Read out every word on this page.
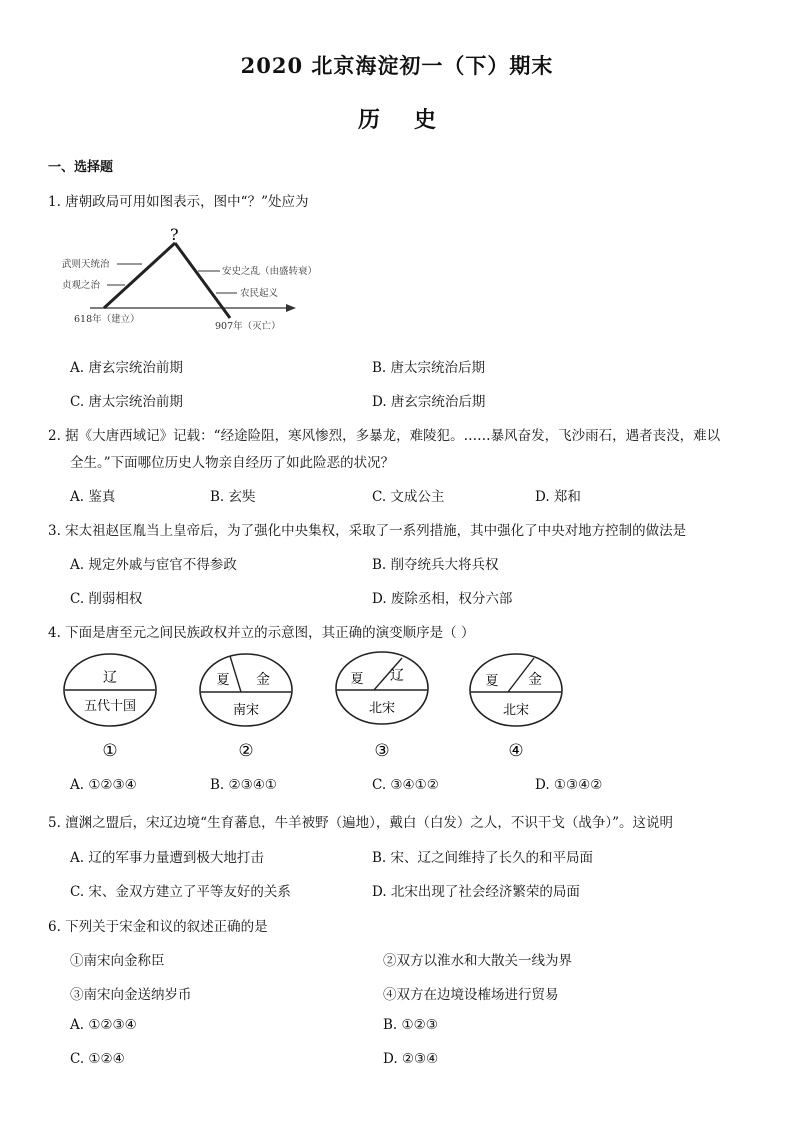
2020 北京海淀初一（下）期末
历史
一、选择题
1. 唐朝政局可用如图表示，图中“？”处应为
?
武则天统治
贞观之治
安史之乱（由盛转衰）
农民起义
618年（建立）
907年（灭亡）
A. 唐玄宗统治前期	B. 唐太宗统治后期
C. 唐太宗统治前期	D. 唐玄宗统治后期
2. 据《大唐西域记》记载：“经途险阻，寒风惨烈，多暴龙，难陵犯。……暴风奋发，飞沙雨石，遇者丧没，难以
全生。”下面哪位历史人物亲自经历了如此险恶的状况？
A. 鉴真	B. 玄奘	C. 文成公主	D. 郑和
3. 宋太祖赵匡胤当上皇帝后，为了强化中央集权，采取了一系列措施，其中强化了中央对地方控制的做法是
A. 规定外戚与宦官不得参政	B. 削夺统兵大将兵权
C. 削弱相权	D. 废除丞相，权分六部
4. 下面是唐至元之间民族政权并立的示意图，其正确的演变顺序是（ ）
辽
五代十国
①
夏 金
南宋
②
夏 辽
北宋
③
夏 金
北宋
④
A. ①②③④	B. ②③④①	C. ③④①②	D. ①③④②
5. 澶渊之盟后，宋辽边境“生育蕃息，牛羊被野（遍地），戴白（白发）之人，不识干戈（战争）”。这说明
A. 辽的军事力量遭到极大地打击	B. 宋、辽之间维持了长久的和平局面
C. 宋、金双方建立了平等友好的关系	D. 北宋出现了社会经济繁荣的局面
6. 下列关于宋金和议的叙述正确的是
①南宋向金称臣	②双方以淮水和大散关一线为界
③南宋向金送纳岁币	④双方在边境设榷场进行贸易
A. ①②③④	B. ①②③
C. ①②④	D. ②③④
